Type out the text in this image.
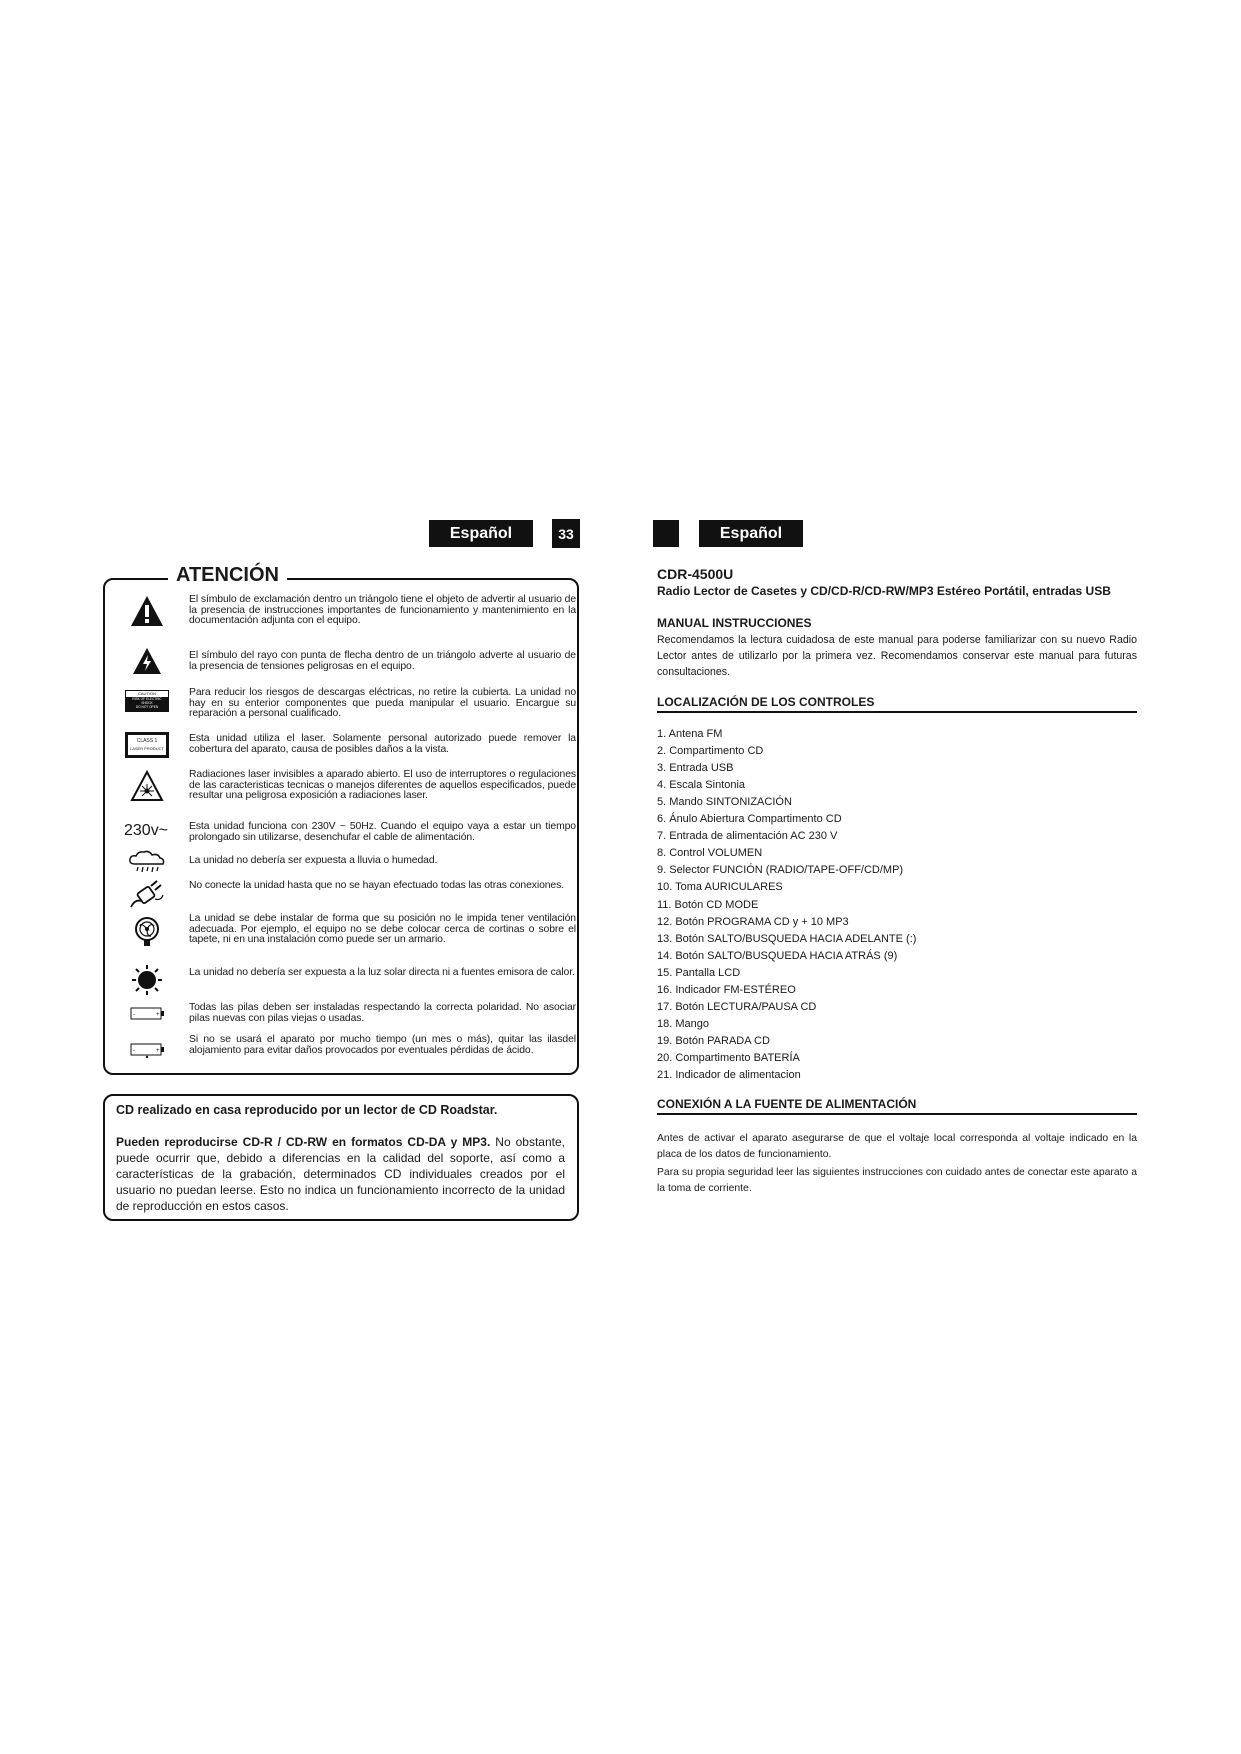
Español	33	Español
ATENCIÓN
El símbulo de exclamación dentro un triángolo tiene el objeto de advertir al usuario de la presencia de instrucciones importantes de funcionamiento y mantenimiento en la documentación adjunta con el equipo.
El símbulo del rayo con punta de flecha dentro de un triángolo adverte al usuario de la presencia de tensiones peligrosas en el equipo.
CAUTION
RISK OF ELECTRIC
SHOCK
DO NOT OPEN
Para reducir los riesgos de descargas eléctricas, no retire la cubierta. La unidad no hay en su enterior componentes que pueda manipular el usuario. Encargue su reparación a personal cualificado.
CLASS 1
LASER PRODUCT
Esta unidad utiliza el laser. Solamente personal autorizado puede remover la cobertura del aparato, causa de posibles daños a la vista.
Radiaciones laser invisibles a aparado abierto. El uso de interruptores o regulaciones de las caracteristicas tecnicas o manejos diferentes de aquellos especificados, puede resultar una peligrosa exposición a radiaciones laser.
230v~ Esta unidad funciona con 230V ~ 50Hz. Cuando el equipo vaya a estar un tiempo prolongado sin utilizarse, desenchufar el cable de alimentación.
La unidad no debería ser expuesta a lluvia o humedad.
No conecte la unidad hasta que no se hayan efectuado todas las otras conexiones.
La unidad se debe instalar de forma que su posición no le impida tener ventilación adecuada. Por ejemplo, el equipo no se debe colocar cerca de cortinas o sobre el tapete, ni en una instalación como puede ser un armario.
La unidad no debería ser expuesta a la luz solar directa ni a fuentes emisora de calor.
-	+
Todas las pilas deben ser instaladas respectando la correcta polaridad. No asociar pilas nuevas con pilas viejas o usadas.
-	+
Si no se usará el aparato por mucho tiempo (un mes o más), quitar las ilasdel alojamiento para evitar daños provocados por eventuales pérdidas de ácido.
CD realizado en casa reproducido por un lector de CD Roadstar.
Pueden reproducirse CD-R / CD-RW en formatos CD-DA y MP3. No obstante, puede ocurrir que, debido a diferencias en la calidad del soporte, así como a características de la grabación, determinados CD individuales creados por el usuario no puedan leerse. Esto no indica un funcionamiento incorrecto de la unidad de reproducción en estos casos.
CDR-4500U
Radio Lector de Casetes y CD/CD-R/CD-RW/MP3 Estéreo Portátil, entradas USB
MANUAL INSTRUCCIONES
Recomendamos la lectura cuidadosa de este manual para poderse familiarizar con su nuevo Radio Lector antes de utilizarlo por la primera vez. Recomendamos conservar este manual para futuras consultaciones.
LOCALIZACIÓN DE LOS CONTROLES
1. Antena FM
2. Compartimento CD
3. Entrada USB
4. Escala Sintonia
5. Mando SINTONIZACIÓN
6. Ánulo Abiertura Compartimento CD
7. Entrada de alimentación AC 230 V
8. Control VOLUMEN
9. Selector FUNCIÓN (RADIO/TAPE-OFF/CD/MP)
10. Toma AURICULARES
11. Botón CD MODE
12. Botón PROGRAMA CD y + 10 MP3
13. Botón SALTO/BUSQUEDA HACIA ADELANTE (:)
14. Botón SALTO/BUSQUEDA HACIA ATRÁS (9)
15. Pantalla LCD
16. Indicador FM-ESTÉREO
17. Botón LECTURA/PAUSA CD
18. Mango
19. Botón PARADA CD
20. Compartimento BATERÍA
21. Indicador de alimentacion
CONEXIÓN A LA FUENTE DE ALIMENTACIÓN
Antes de activar el aparato asegurarse de que el voltaje local corresponda al voltaje indicado en la placa de los datos de funcionamiento.
Para su propia seguridad leer las siguientes instrucciones con cuidado antes de conectar este aparato a la toma de corriente.
